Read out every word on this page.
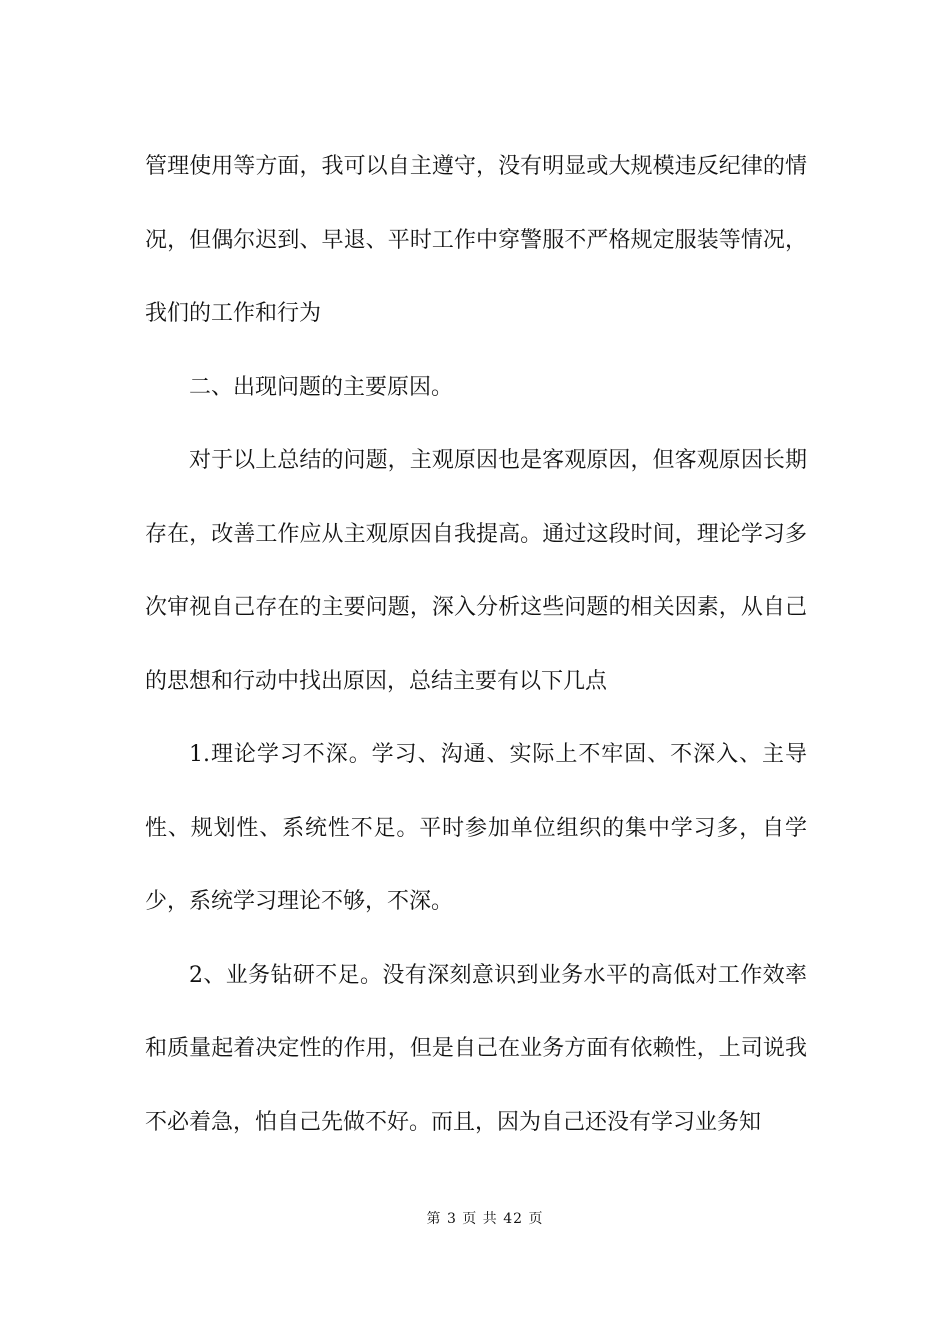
管理使用等方面，我可以自主遵守，没有明显或大规模违反纪律的情况，但偶尔迟到、早退、平时工作中穿警服不严格规定服装等情况，我们的工作和行为

二、出现问题的主要原因。

对于以上总结的问题，主观原因也是客观原因，但客观原因长期存在，改善工作应从主观原因自我提高。通过这段时间，理论学习多次审视自己存在的主要问题，深入分析这些问题的相关因素，从自己的思想和行动中找出原因，总结主要有以下几点

1.理论学习不深。学习、沟通、实际上不牢固、不深入、主导性、规划性、系统性不足。平时参加单位组织的集中学习多，自学少，系统学习理论不够，不深。

2、业务钻研不足。没有深刻意识到业务水平的高低对工作效率和质量起着决定性的作用，但是自己在业务方面有依赖性，上司说我不必着急，怕自己先做不好。而且，因为自己还没有学习业务知

第 3 页 共 42 页
